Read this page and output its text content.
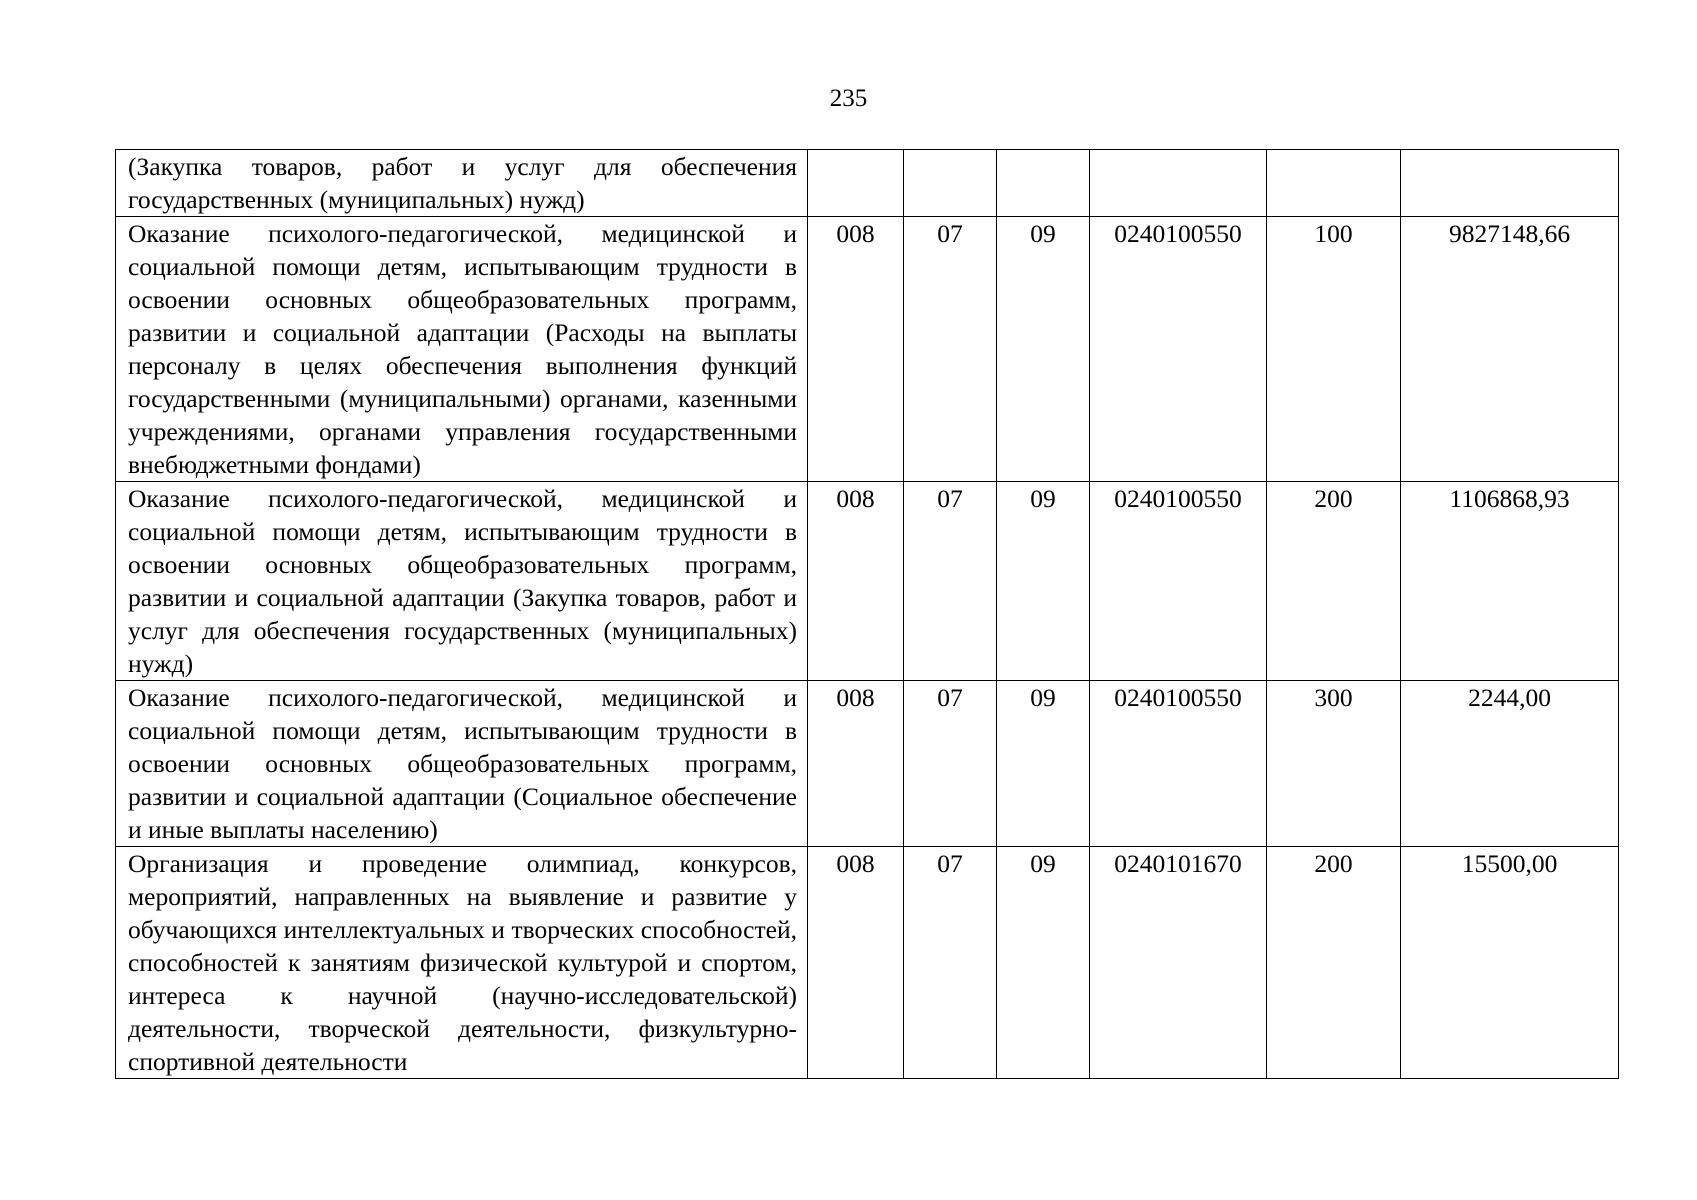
235
(Закупка товаров, работ и услуг для обеспечения государственных (муниципальных) нужд)						
Оказание психолого-педагогической, медицинской и социальной помощи детям, испытывающим трудности в освоении основных общеобразовательных программ, развитии и социальной адаптации (Расходы на выплаты персоналу в целях обеспечения выполнения функций государственными (муниципальными) органами, казенными учреждениями, органами управления государственными внебюджетными фондами)	008	07	09	0240100550	100	9827148,66
Оказание психолого-педагогической, медицинской и социальной помощи детям, испытывающим трудности в освоении основных общеобразовательных программ, развитии и социальной адаптации (Закупка товаров, работ и услуг для обеспечения государственных (муниципальных) нужд)	008	07	09	0240100550	200	1106868,93
Оказание психолого-педагогической, медицинской и социальной помощи детям, испытывающим трудности в освоении основных общеобразовательных программ, развитии и социальной адаптации (Социальное обеспечение и иные выплаты населению)	008	07	09	0240100550	300	2244,00
Организация и проведение олимпиад, конкурсов, мероприятий, направленных на выявление и развитие у обучающихся интеллектуальных и творческих способностей, способностей к занятиям физической культурой и спортом, интереса к научной (научно-исследовательской) деятельности, творческой деятельности, физкультурно-спортивной деятельности	008	07	09	0240101670	200	15500,00
